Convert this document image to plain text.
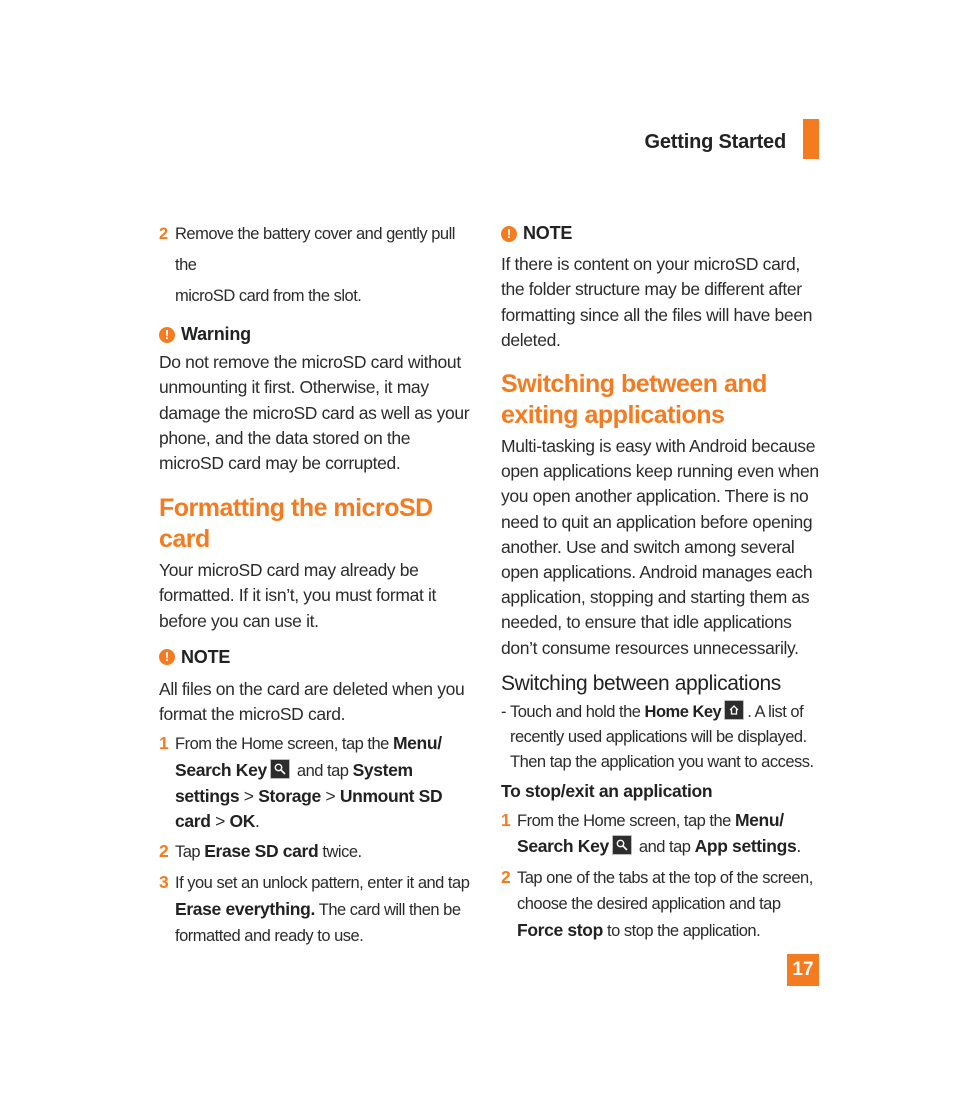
Getting Started
2 Remove the battery cover and gently pull the
microSD card from the slot.
! Warning

Do not remove the microSD card without unmounting it first. Otherwise, it may damage the microSD card as well as your phone, and the data stored on the microSD card may be corrupted.

Formatting the microSD card

Your microSD card may already be formatted. If it isn’t, you must format it before you can use it.

! NOTE

All files on the card are deleted when you format the microSD card.

1 From the Home screen, tap the Menu/ Search Key
and tap System settings > Storage > Unmount SD card > OK.
2 Tap Erase SD card twice.
3 If you set an unlock pattern, enter it and tap Erase everything. The card will then be formatted and ready to use.
! NOTE

If there is content on your microSD card, the folder structure may be different after formatting since all the files will have been deleted.

Switching between and
exiting applications

Multi-tasking is easy with Android because open applications keep running even when you open another application. There is no need to quit an application before opening another. Use and switch among several open applications. Android manages each application, stopping and starting them as needed, to ensure that idle applications don’t consume resources unnecessarily.

Switching between applications
- Touch and hold the Home Key . A list of recently used applications will be displayed. Then tap the application you want to access.
To stop/exit an application
1 From the Home screen, tap the Menu/ Search Key
and tap App settings.
2 Tap one of the tabs at the top of the screen, choose the desired application and tap Force stop to stop the application.
17
